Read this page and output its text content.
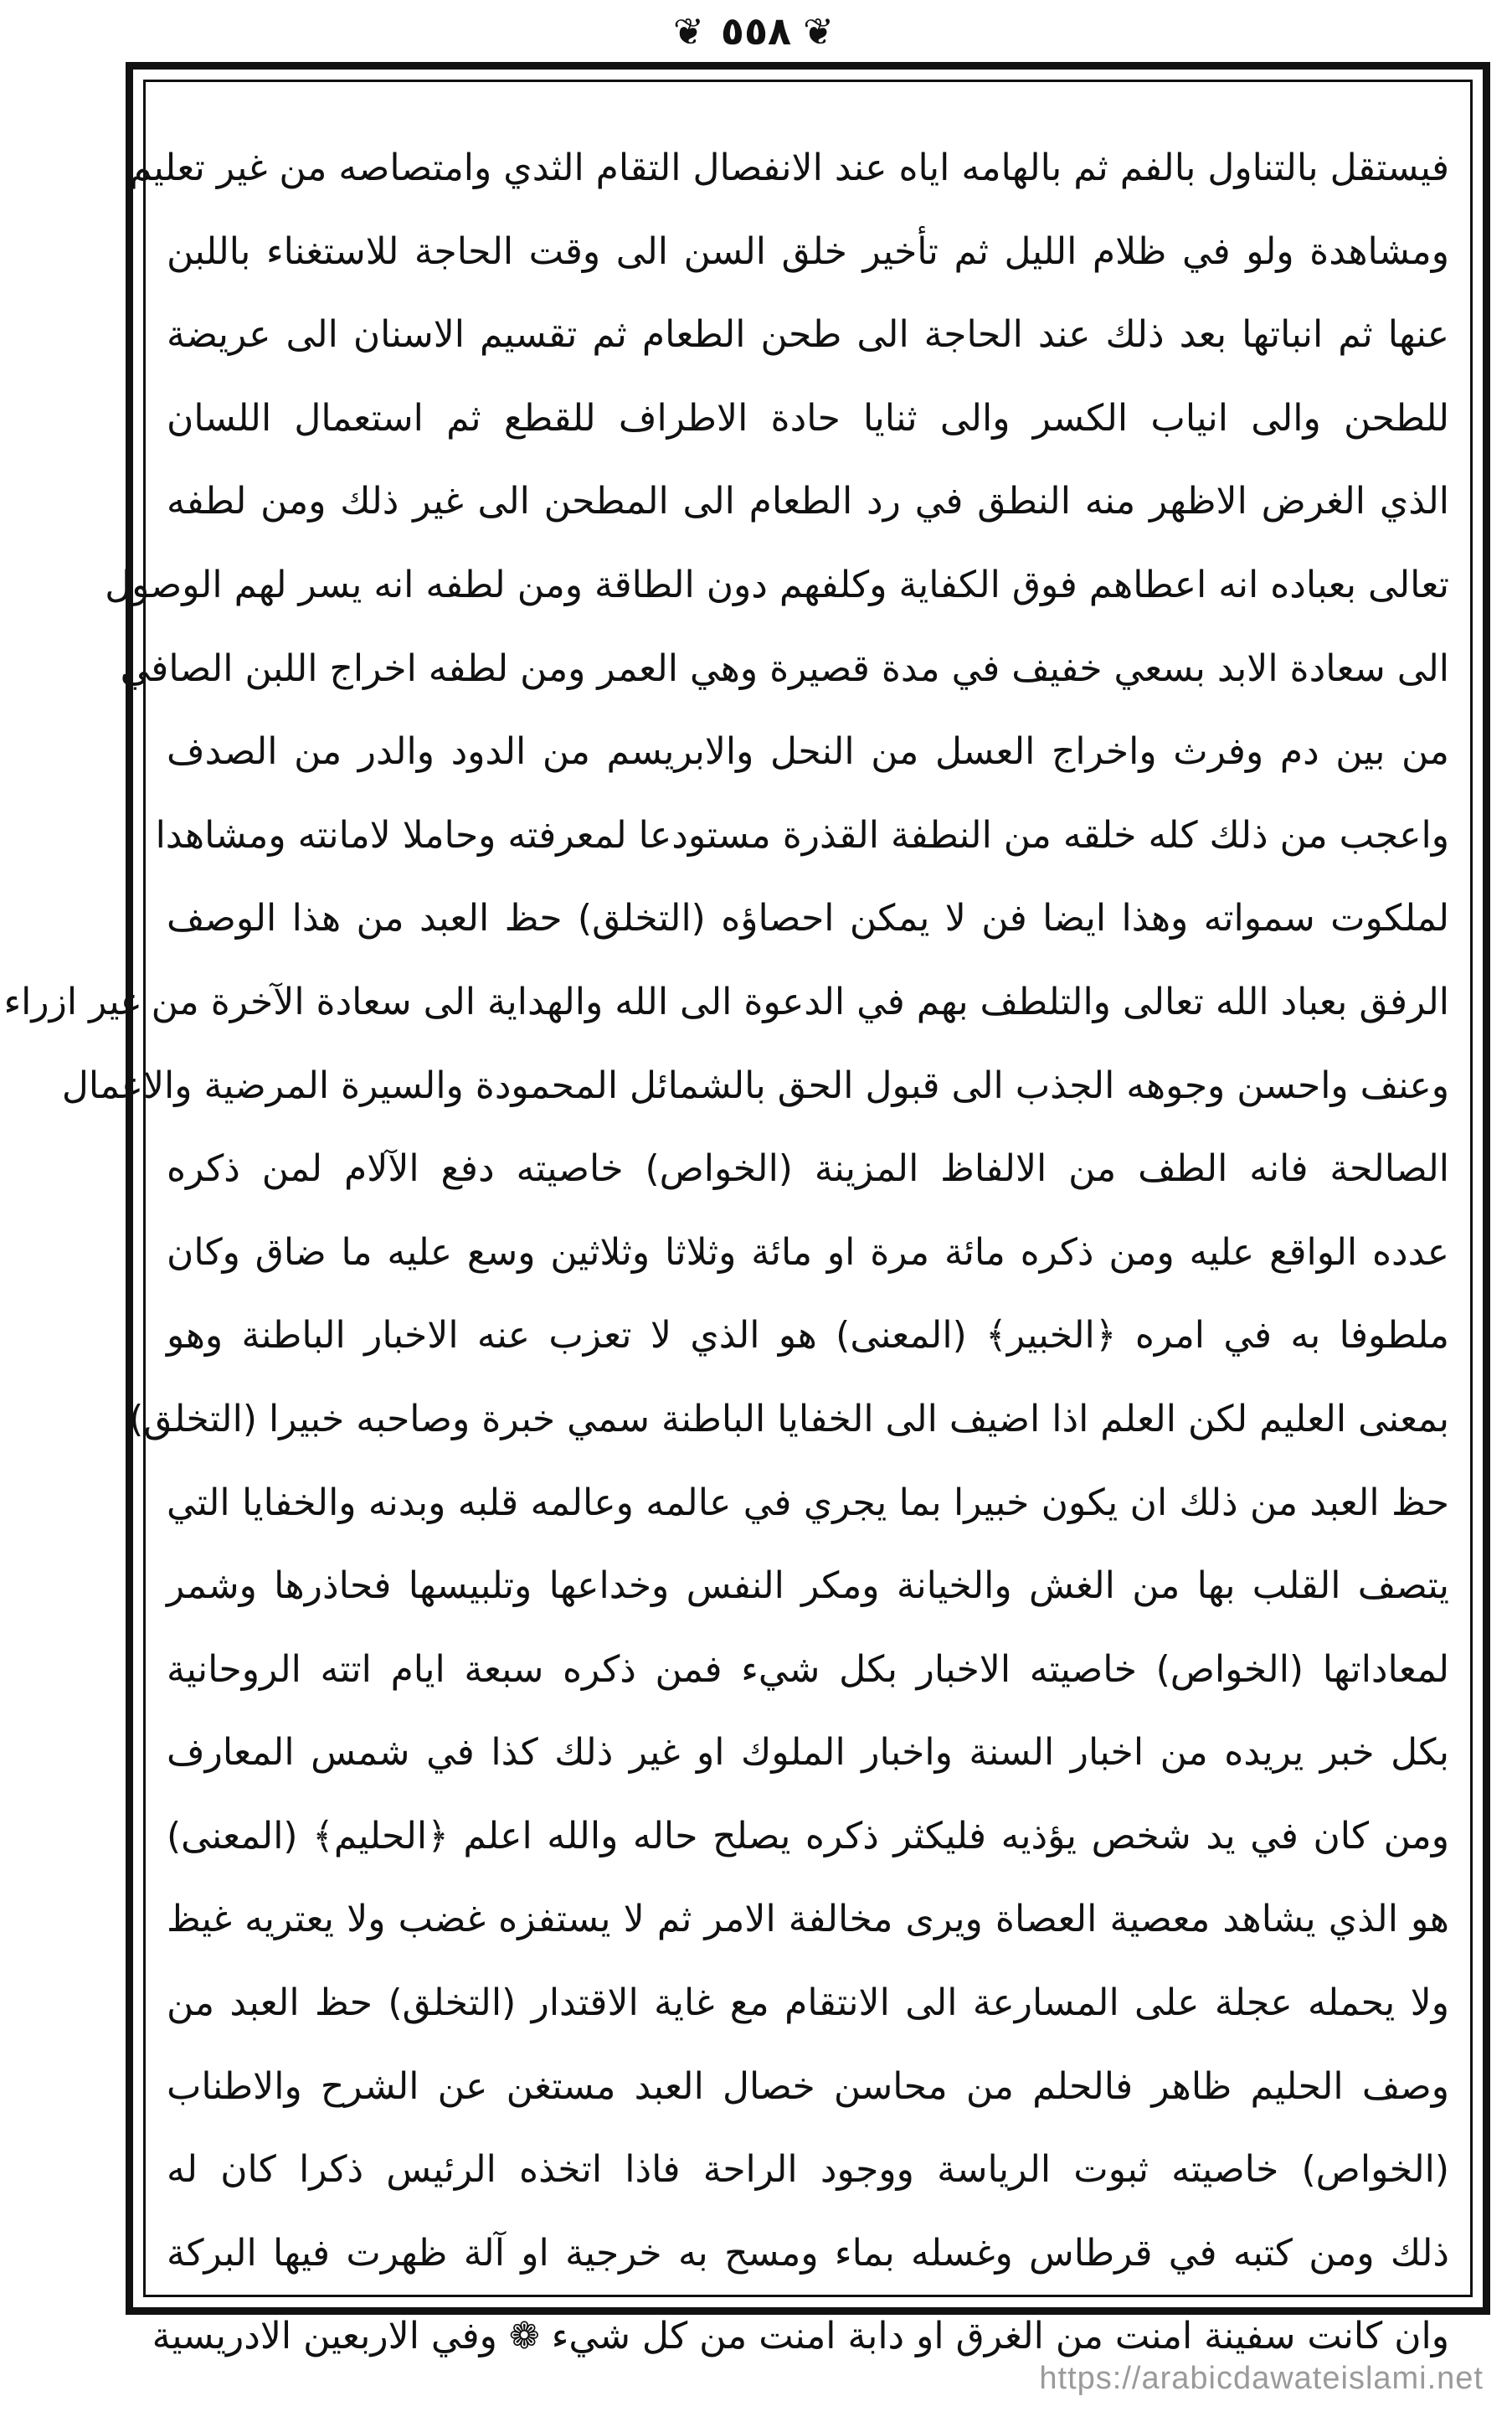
❦ ٥٥٨ ❦
فيستقل بالتناول بالفم ثم بالهامه اياه عند الانفصال التقام الثدي وامتصاصه من غير تعليم
ومشاهدة ولو في ظلام الليل ثم تأخير خلق السن الى وقت الحاجة للاستغناء باللبن
عنها ثم انباتها بعد ذلك عند الحاجة الى طحن الطعام ثم تقسيم الاسنان الى عريضة
للطحن والى انياب الكسر والى ثنايا حادة الاطراف للقطع ثم استعمال اللسان
الذي الغرض الاظهر منه النطق في رد الطعام الى المطحن الى غير ذلك ومن لطفه
تعالى بعباده انه اعطاهم فوق الكفاية وكلفهم دون الطاقة ومن لطفه انه يسر لهم الوصول
الى سعادة الابد بسعي خفيف في مدة قصيرة وهي العمر ومن لطفه اخراج اللبن الصافي
من بين دم وفرث واخراج العسل من النحل والابريسم من الدود والدر من الصدف
واعجب من ذلك كله خلقه من النطفة القذرة مستودعا لمعرفته وحاملا لامانته ومشاهدا
لملكوت سمواته وهذا ايضا فن لا يمكن احصاؤه (التخلق) حظ العبد من هذا الوصف
الرفق بعباد الله تعالى والتلطف بهم في الدعوة الى الله والهداية الى سعادة الآخرة من غير ازراء
وعنف واحسن وجوهه الجذب الى قبول الحق بالشمائل المحمودة والسيرة المرضية والاعمال
الصالحة فانه الطف من الالفاظ المزينة (الخواص) خاصيته دفع الآلام لمن ذكره
عدده الواقع عليه ومن ذكره مائة مرة او مائة وثلاثا وثلاثين وسع عليه ما ضاق وكان
ملطوفا به في امره ﴿الخبير﴾ (المعنى) هو الذي لا تعزب عنه الاخبار الباطنة وهو
بمعنى العليم لكن العلم اذا اضيف الى الخفايا الباطنة سمي خبرة وصاحبه خبيرا (التخلق)
حظ العبد من ذلك ان يكون خبيرا بما يجري في عالمه وعالمه قلبه وبدنه والخفايا التي
يتصف القلب بها من الغش والخيانة ومكر النفس وخداعها وتلبيسها فحاذرها وشمر
لمعاداتها (الخواص) خاصيته الاخبار بكل شيء فمن ذكره سبعة ايام اتته الروحانية
بكل خبر يريده من اخبار السنة واخبار الملوك او غير ذلك كذا في شمس المعارف
ومن كان في يد شخص يؤذيه فليكثر ذكره يصلح حاله والله اعلم ﴿الحليم﴾ (المعنى)
هو الذي يشاهد معصية العصاة ويرى مخالفة الامر ثم لا يستفزه غضب ولا يعتريه غيظ
ولا يحمله عجلة على المسارعة الى الانتقام مع غاية الاقتدار (التخلق) حظ العبد من
وصف الحليم ظاهر فالحلم من محاسن خصال العبد مستغن عن الشرح والاطناب
(الخواص) خاصيته ثبوت الرياسة ووجود الراحة فاذا اتخذه الرئيس ذكرا كان له
ذلك ومن كتبه في قرطاس وغسله بماء ومسح به خرجية او آلة ظهرت فيها البركة
وان كانت سفينة امنت من الغرق او دابة امنت من كل شيء ❁ وفي الاربعين الادريسية
https://arabicdawateislami.net
